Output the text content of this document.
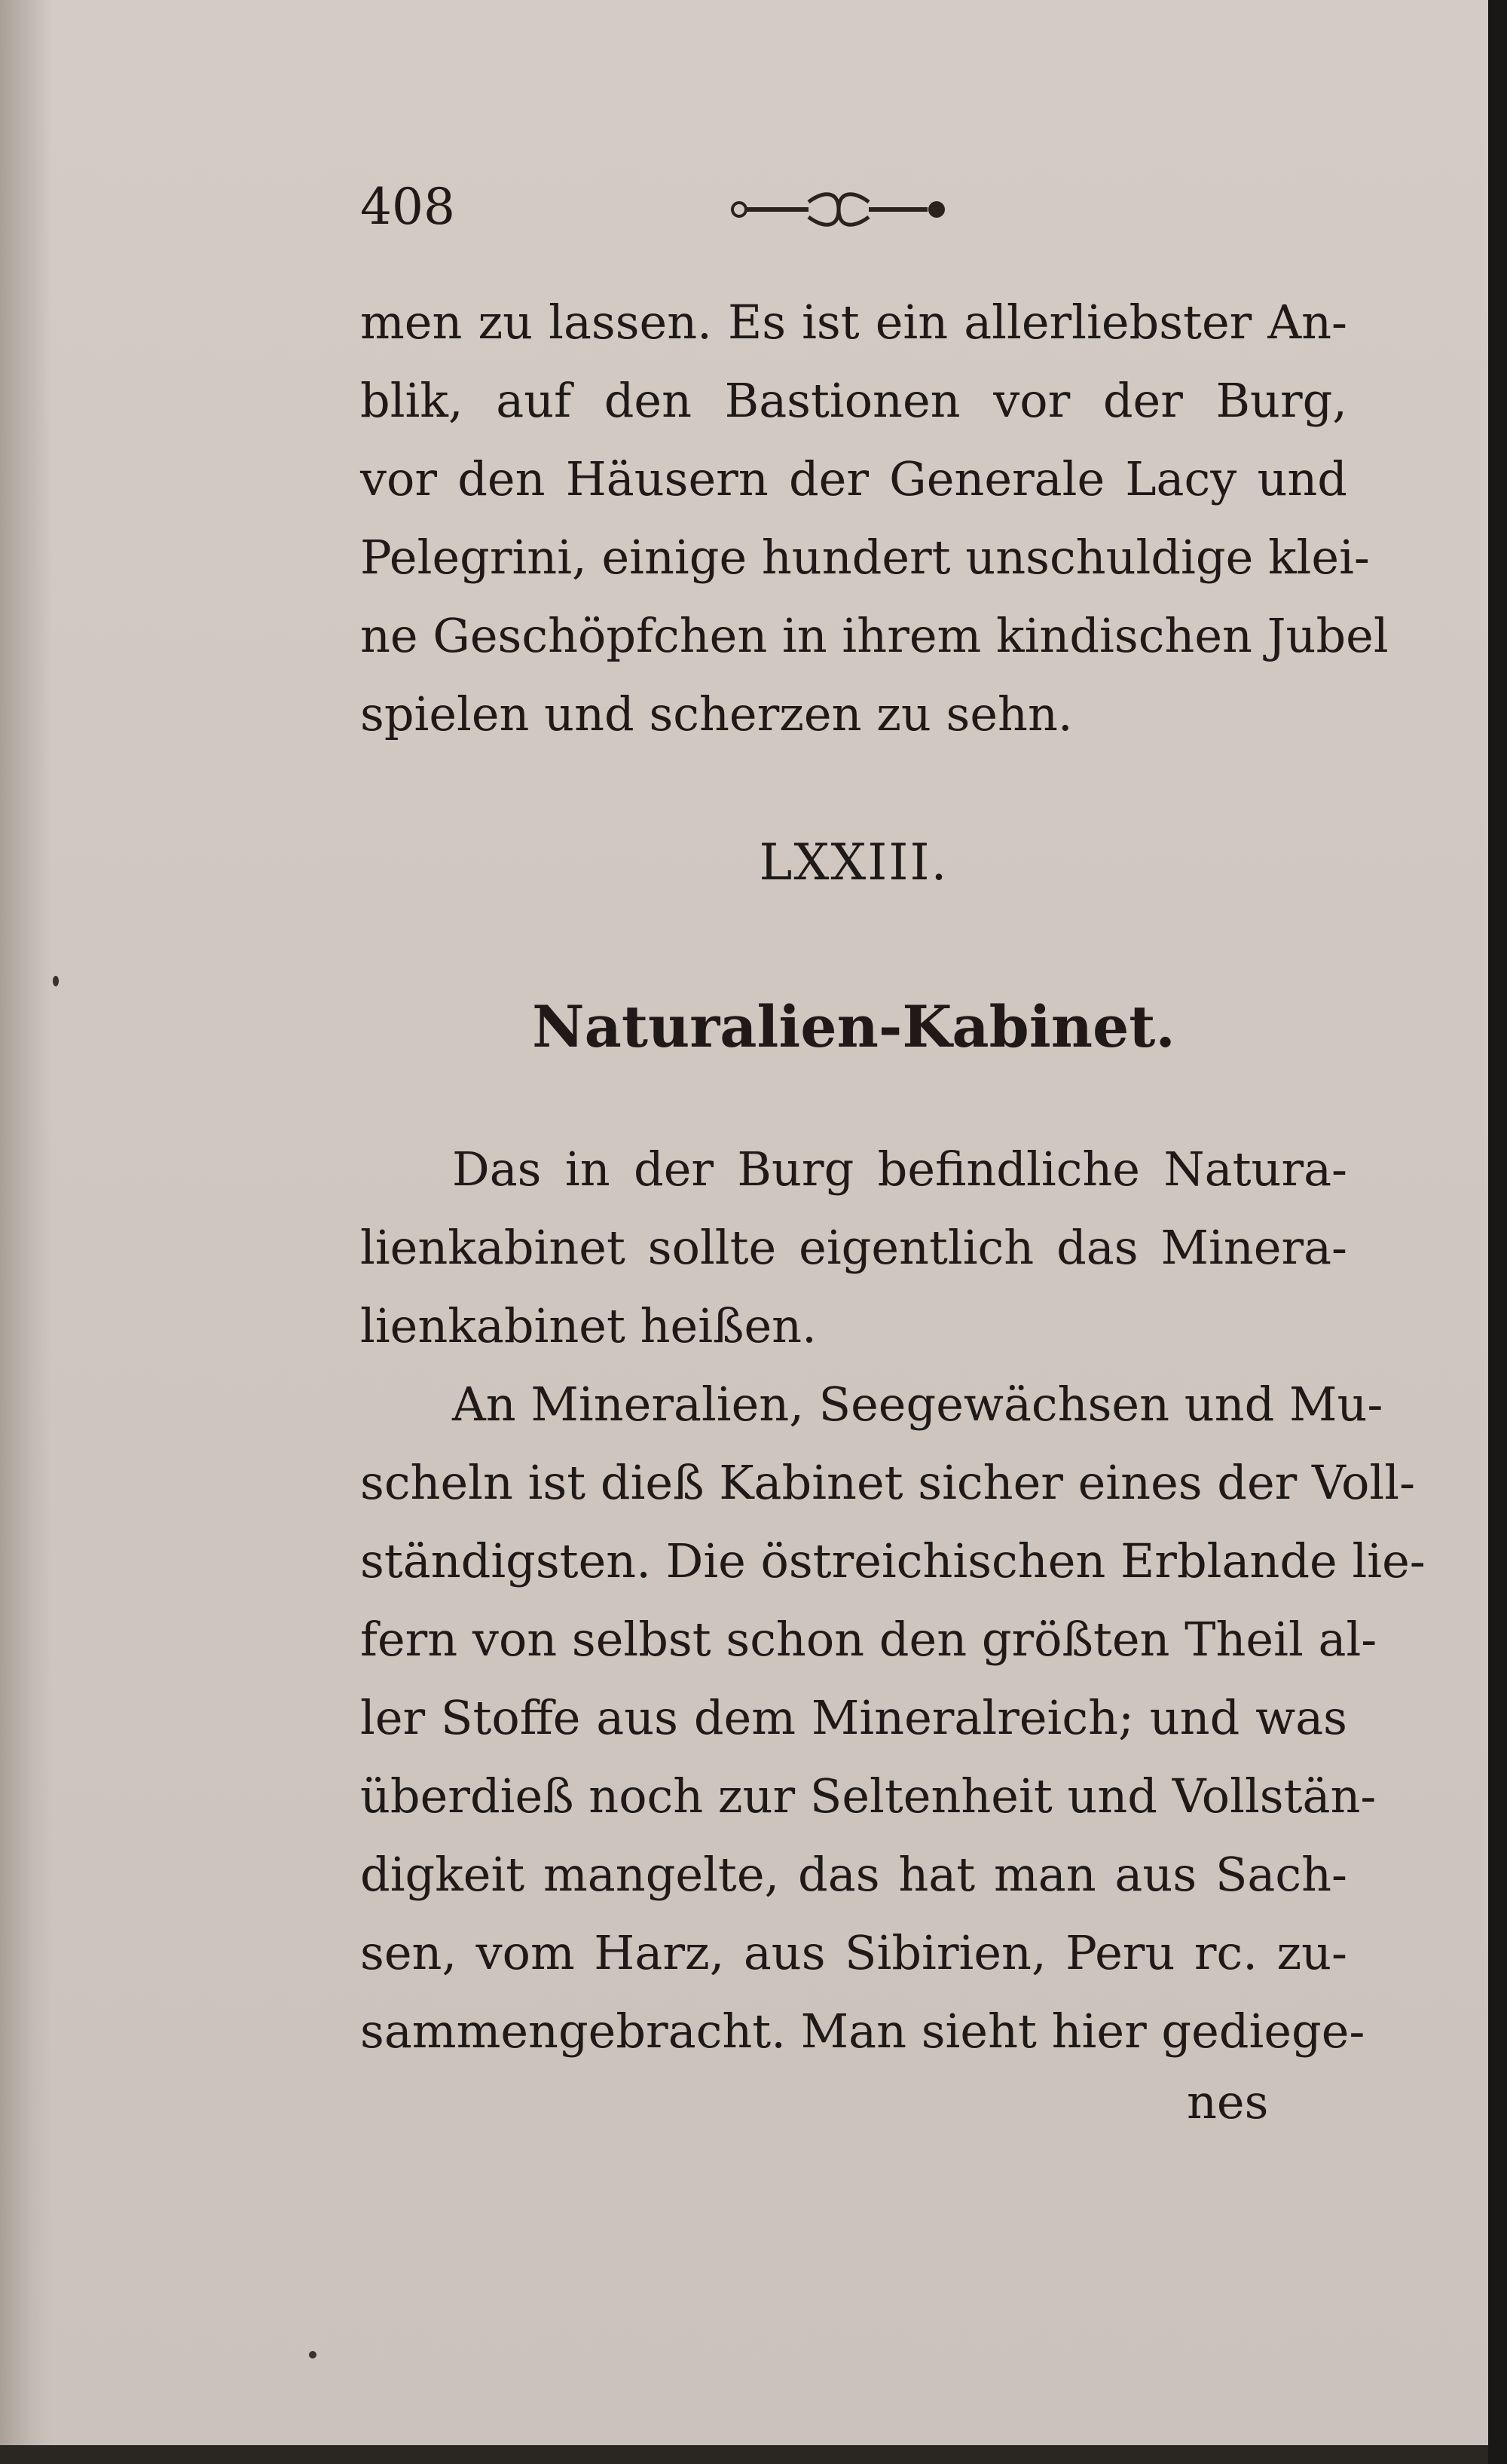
408
men zu lassen. Es ist ein allerliebster An-
blik, auf den Bastionen vor der Burg,
vor den Häusern der Generale Lacy und
Pelegrini, einige hundert unschuldige klei-
ne Geschöpfchen in ihrem kindischen Jubel
spielen und scherzen zu sehn.
LXXIII.
Naturalien-Kabinet.
Das in der Burg befindliche Natura-
lienkabinet sollte eigentlich das Minera-
lienkabinet heißen.
An Mineralien, Seegewächsen und Mu-
scheln ist dieß Kabinet sicher eines der Voll-
ständigsten. Die östreichischen Erblande lie-
fern von selbst schon den größten Theil al-
ler Stoffe aus dem Mineralreich; und was
überdieß noch zur Seltenheit und Vollstän-
digkeit mangelte, das hat man aus Sach-
sen, vom Harz, aus Sibirien, Peru rc. zu-
sammengebracht. Man sieht hier gediege-
nes
